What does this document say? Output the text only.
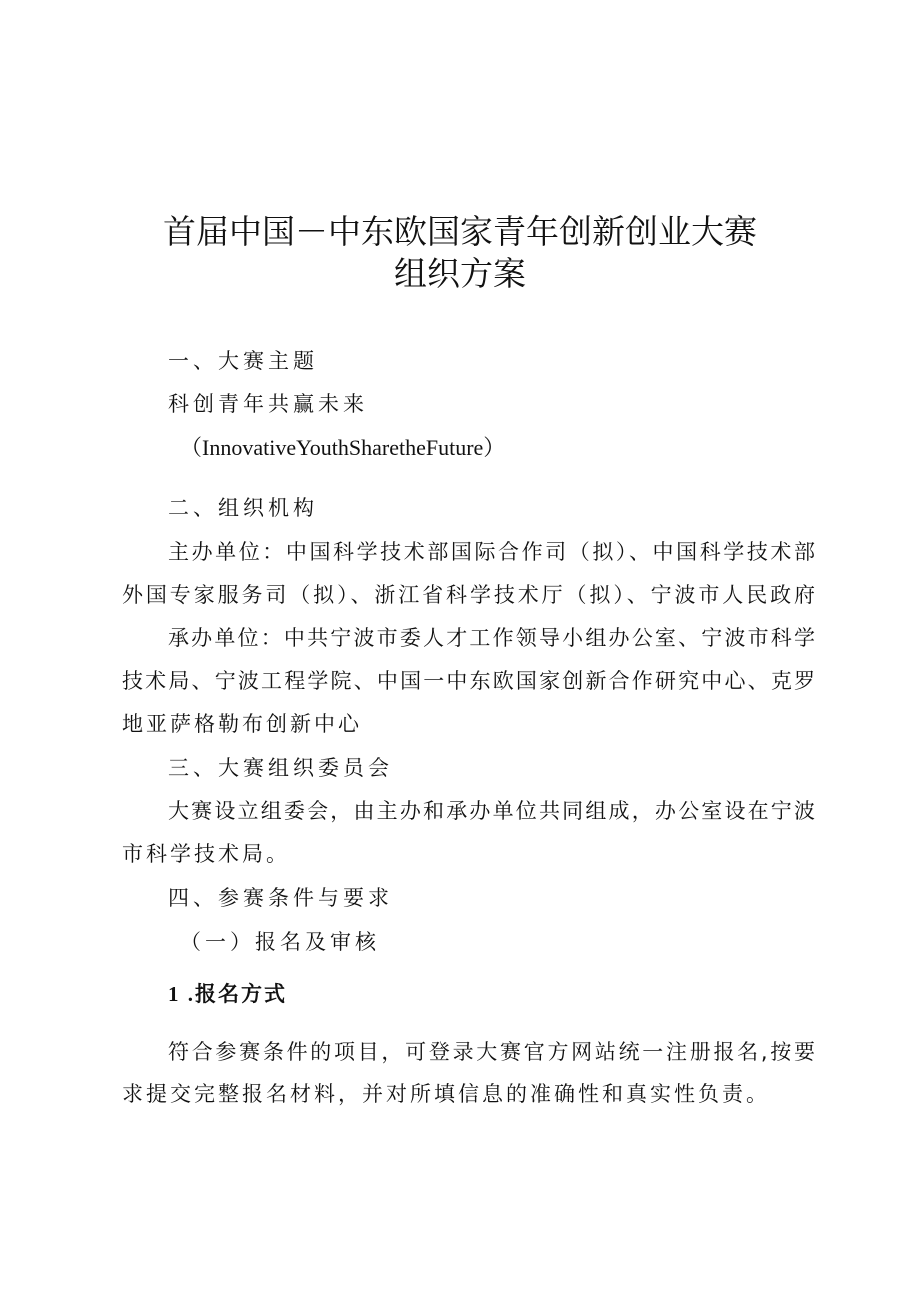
首届中国－中东欧国家青年创新创业大赛
组织方案
一、大赛主题
科创青年共赢未来
（InnovativeYouthSharetheFuture）
二、组织机构
主办单位：中国科学技术部国际合作司（拟）、中国科学技术部
外国专家服务司（拟）、浙江省科学技术厅（拟）、宁波市人民政府
承办单位：中共宁波市委人才工作领导小组办公室、宁波市科学
技术局、宁波工程学院、中国一中东欧国家创新合作研究中心、克罗
地亚萨格勒布创新中心
三、大赛组织委员会
大赛设立组委会，由主办和承办单位共同组成，办公室设在宁波
市科学技术局。
四、参赛条件与要求
（一）报名及审核
1 .报名方式
符合参赛条件的项目，可登录大赛官方网站统一注册报名,按要
求提交完整报名材料，并对所填信息的准确性和真实性负责。
